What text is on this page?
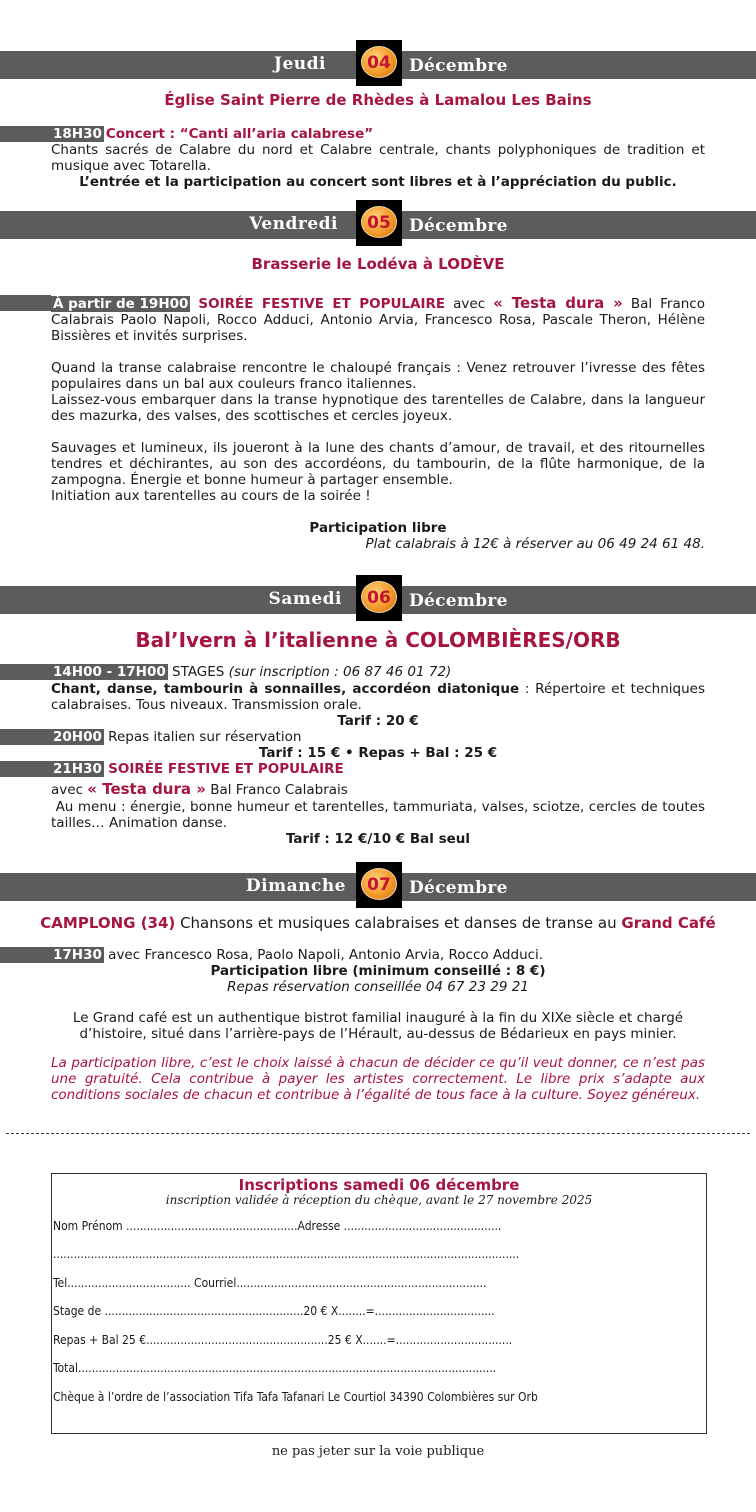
Jeudi	04	Décembre
Église Saint Pierre de Rhèdes à Lamalou Les Bains
18H30 Concert : “Canti all’aria calabrese”
Chants sacrés de Calabre du nord et Calabre centrale, chants polyphoniques de tradition et musique avec Totarella.
L’entrée et la participation au concert sont libres et à l’appréciation du public.
Vendredi	05	Décembre
Brasserie le Lodéva à LODÈVE
À partir de 19H00 SOIRÉE FESTIVE ET POPULAIRE avec « Testa dura » Bal Franco Calabrais Paolo Napoli, Rocco Adduci, Antonio Arvia, Francesco Rosa, Pascale Theron, Hélène Bissières et invités surprises.
Quand la transe calabraise rencontre le chaloupé français : Venez retrouver l’ivresse des fêtes populaires dans un bal aux couleurs franco italiennes.
Laissez-vous embarquer dans la transe hypnotique des tarentelles de Calabre, dans la langueur des mazurka, des valses, des scottisches et cercles joyeux.
Sauvages et lumineux, ils joueront à la lune des chants d’amour, de travail, et des ritournelles tendres et déchirantes, au son des accordéons, du tambourin, de la flûte harmonique, de la zampogna. Énergie et bonne humeur à partager ensemble.
Initiation aux tarentelles au cours de la soirée !
Participation libre
Plat calabrais à 12€ à réserver au 06 49 24 61 48.
Samedi	06	Décembre
Bal’Ivern à l’italienne à COLOMBIÈRES/ORB
14H00 - 17H00 STAGES (sur inscription : 06 87 46 01 72)
Chant, danse, tambourin à sonnailles, accordéon diatonique : Répertoire et techniques calabraises. Tous niveaux. Transmission orale.
Tarif : 20 €
20H00 Repas italien sur réservation
Tarif : 15 € • Repas + Bal : 25 €
21H30 SOIRÉE FESTIVE ET POPULAIRE
avec « Testa dura » Bal Franco Calabrais
Au menu : énergie, bonne humeur et tarentelles, tammuriata, valses, sciotze, cercles de toutes tailles… Animation danse.
Tarif : 12 €/10 € Bal seul
Dimanche	07	Décembre
CAMPLONG (34) Chansons et musiques calabraises et danses de transe au Grand Café
17H30 avec Francesco Rosa, Paolo Napoli, Antonio Arvia, Rocco Adduci.
Participation libre (minimum conseillé : 8 €)
Repas réservation conseillée 04 67 23 29 21
Le Grand café est un authentique bistrot familial inauguré à la fin du XIXe siècle et chargé d’histoire, situé dans l’arrière-pays de l’Hérault, au-dessus de Bédarieux en pays minier.
La participation libre, c’est le choix laissé à chacun de décider ce qu’il veut donner, ce n’est pas une gratuité. Cela contribue à payer les artistes correctement. Le libre prix s’adapte aux conditions sociales de chacun et contribue à l’égalité de tous face à la culture. Soyez généreux.
Inscriptions samedi 06 décembre
inscription validée à réception du chèque, avant le 27 novembre 2025
Nom Prénom ..................................................Adresse ..............................................
........................................................................................................................................
Tel.................................... Courriel.........................................................................
Stage de ..........................................................20 € X........=...................................
Repas + Bal 25 €.....................................................25 € X.......=..................................
Total..........................................................................................................................
Chèque à l’ordre de l’association Tifa Tafa Tafanari Le Courtiol 34390 Colombières sur Orb
ne pas jeter sur la voie publique
